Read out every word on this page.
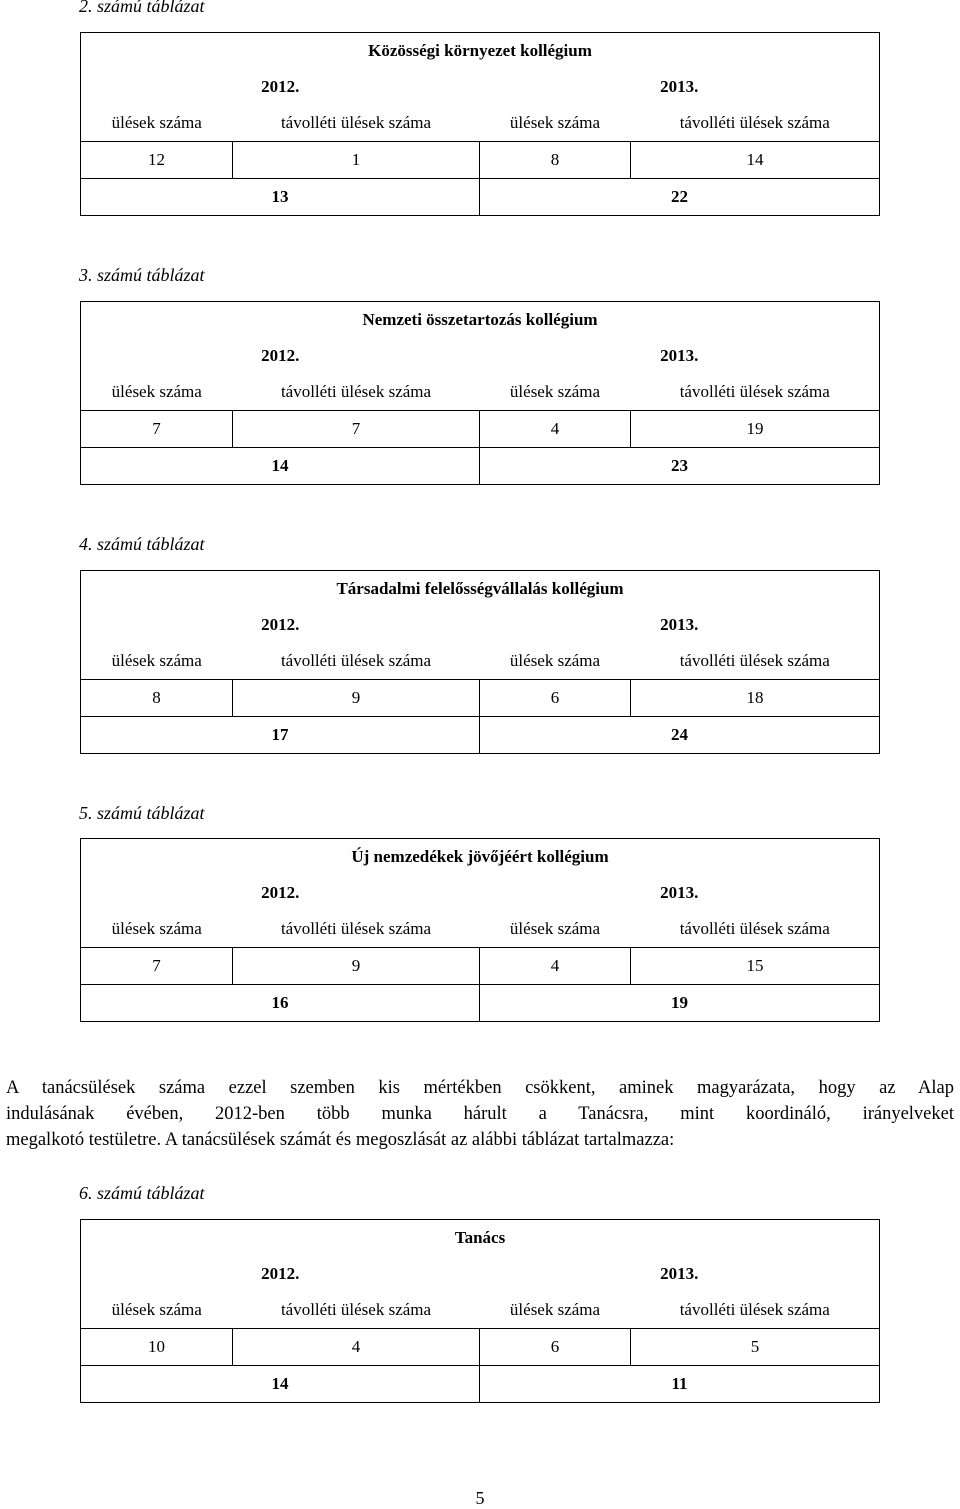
2. számú táblázat
Közösségi környezet kollégium			
2012.		2013.	
ülések száma	távolléti ülések száma	ülések száma	távolléti ülések száma
12	1	8	14
13		22	
3. számú táblázat
Nemzeti összetartozás kollégium			
2012.		2013.	
ülések száma	távolléti ülések száma	ülések száma	távolléti ülések száma
7	7	4	19
14		23	
4. számú táblázat
Társadalmi felelősségvállalás kollégium			
2012.		2013.	
ülések száma	távolléti ülések száma	ülések száma	távolléti ülések száma
8	9	6	18
17		24	
5. számú táblázat
Új nemzedékek jövőjéért kollégium			
2012.		2013.	
ülések száma	távolléti ülések száma	ülések száma	távolléti ülések száma
7	9	4	15
16		19	
A tanácsülések száma ezzel szemben kis mértékben csökkent, aminek magyarázata, hogy az Alap
indulásának évében, 2012-ben több munka hárult a Tanácsra, mint koordináló, irányelveket
megalkotó testületre. A tanácsülések számát és megoszlását az alábbi táblázat tartalmazza:
6. számú táblázat
Tanács			
2012.		2013.	
ülések száma	távolléti ülések száma	ülések száma	távolléti ülések száma
10	4	6	5
14		11	
5
